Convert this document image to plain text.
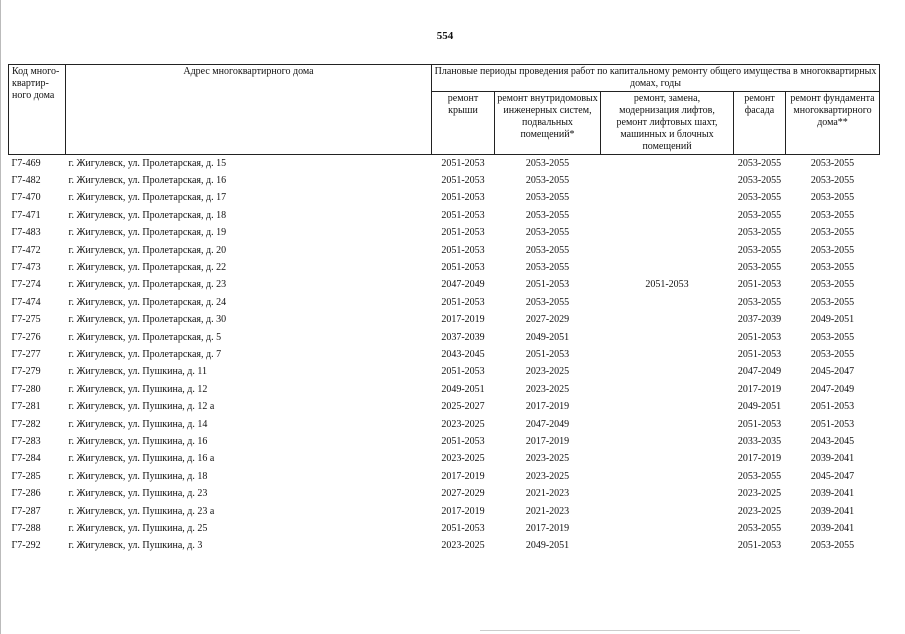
554
Код много-квартир-ного дома	Адрес многоквартирного дома	Плановые периоды проведения работ по капитальному ремонту общего имущества в многоквартирных домах, годы				
		ремонт крыши	ремонт внутридомовых инженерных систем, подвальных помещений*	ремонт, замена, модернизация лифтов, ремонт лифтовых шахт, машинных и блочных помещений	ремонт фасада	ремонт фундамента многоквартирного дома**
Г7-469	г. Жигулевск, ул. Пролетарская, д. 15	2051-2053	2053-2055		2053-2055	2053-2055
Г7-482	г. Жигулевск, ул. Пролетарская, д. 16	2051-2053	2053-2055		2053-2055	2053-2055
Г7-470	г. Жигулевск, ул. Пролетарская, д. 17	2051-2053	2053-2055		2053-2055	2053-2055
Г7-471	г. Жигулевск, ул. Пролетарская, д. 18	2051-2053	2053-2055		2053-2055	2053-2055
Г7-483	г. Жигулевск, ул. Пролетарская, д. 19	2051-2053	2053-2055		2053-2055	2053-2055
Г7-472	г. Жигулевск, ул. Пролетарская, д. 20	2051-2053	2053-2055		2053-2055	2053-2055
Г7-473	г. Жигулевск, ул. Пролетарская, д. 22	2051-2053	2053-2055		2053-2055	2053-2055
Г7-274	г. Жигулевск, ул. Пролетарская, д. 23	2047-2049	2051-2053	2051-2053	2051-2053	2053-2055
Г7-474	г. Жигулевск, ул. Пролетарская, д. 24	2051-2053	2053-2055		2053-2055	2053-2055
Г7-275	г. Жигулевск, ул. Пролетарская, д. 30	2017-2019	2027-2029		2037-2039	2049-2051
Г7-276	г. Жигулевск, ул. Пролетарская, д. 5	2037-2039	2049-2051		2051-2053	2053-2055
Г7-277	г. Жигулевск, ул. Пролетарская, д. 7	2043-2045	2051-2053		2051-2053	2053-2055
Г7-279	г. Жигулевск, ул. Пушкина, д. 11	2051-2053	2023-2025		2047-2049	2045-2047
Г7-280	г. Жигулевск, ул. Пушкина, д. 12	2049-2051	2023-2025		2017-2019	2047-2049
Г7-281	г. Жигулевск, ул. Пушкина, д. 12 а	2025-2027	2017-2019		2049-2051	2051-2053
Г7-282	г. Жигулевск, ул. Пушкина, д. 14	2023-2025	2047-2049		2051-2053	2051-2053
Г7-283	г. Жигулевск, ул. Пушкина, д. 16	2051-2053	2017-2019		2033-2035	2043-2045
Г7-284	г. Жигулевск, ул. Пушкина, д. 16 а	2023-2025	2023-2025		2017-2019	2039-2041
Г7-285	г. Жигулевск, ул. Пушкина, д. 18	2017-2019	2023-2025		2053-2055	2045-2047
Г7-286	г. Жигулевск, ул. Пушкина, д. 23	2027-2029	2021-2023		2023-2025	2039-2041
Г7-287	г. Жигулевск, ул. Пушкина, д. 23 а	2017-2019	2021-2023		2023-2025	2039-2041
Г7-288	г. Жигулевск, ул. Пушкина, д. 25	2051-2053	2017-2019		2053-2055	2039-2041
Г7-292	г. Жигулевск, ул. Пушкина, д. 3	2023-2025	2049-2051		2051-2053	2053-2055
